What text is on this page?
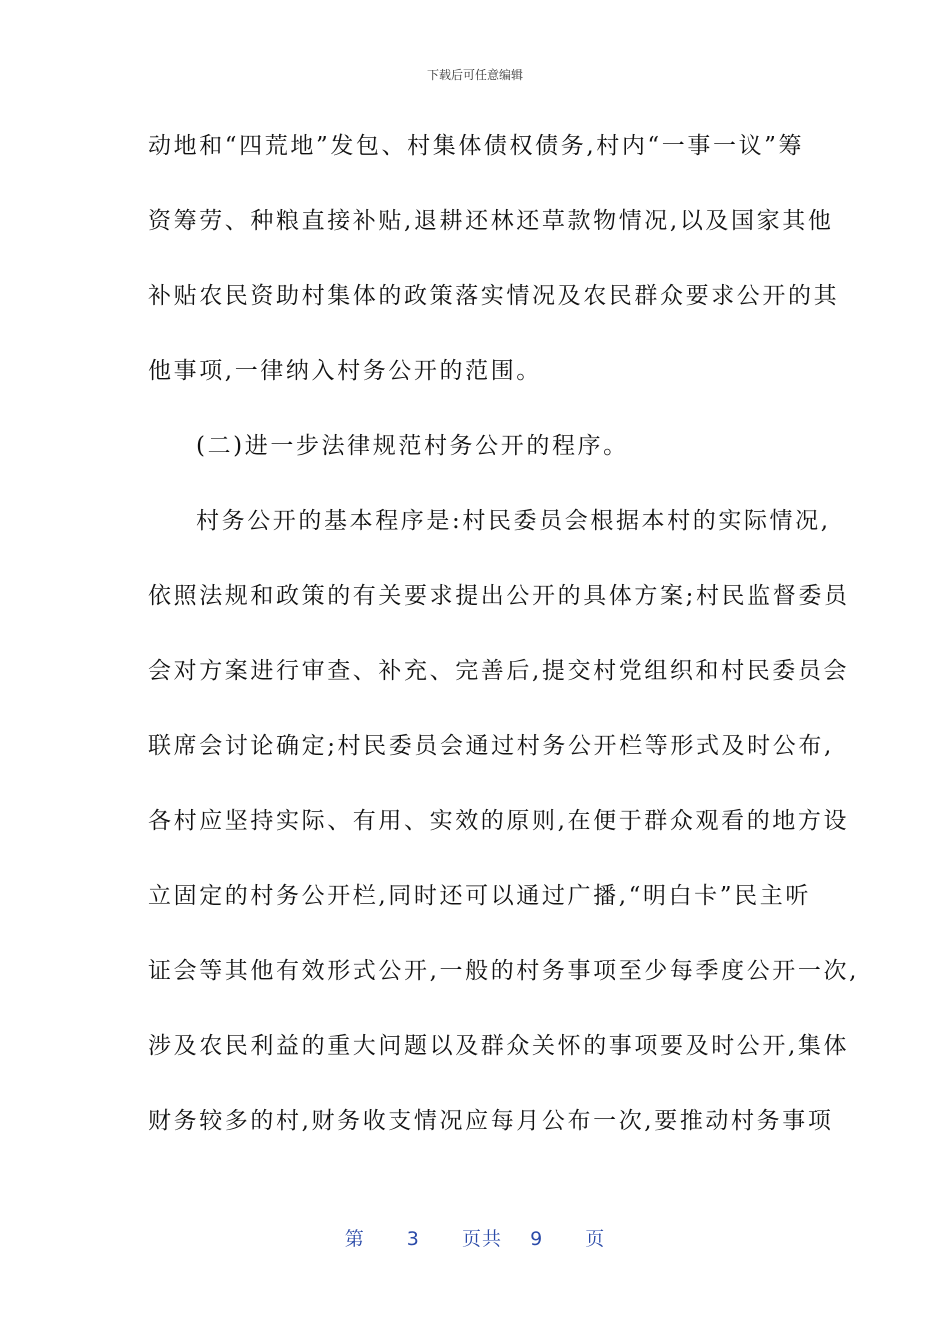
下载后可任意编辑
动地和“四荒地”发包、村集体债权债务,村内“一事一议”筹
资筹劳、种粮直接补贴,退耕还林还草款物情况,以及国家其他
补贴农民资助村集体的政策落实情况及农民群众要求公开的其
他事项,一律纳入村务公开的范围。
(二)进一步法律规范村务公开的程序。
村务公开的基本程序是:村民委员会根据本村的实际情况,
依照法规和政策的有关要求提出公开的具体方案;村民监督委员
会对方案进行审查、补充、完善后,提交村党组织和村民委员会
联席会讨论确定;村民委员会通过村务公开栏等形式及时公布,
各村应坚持实际、有用、实效的原则,在便于群众观看的地方设
立固定的村务公开栏,同时还可以通过广播,“明白卡”民主听
证会等其他有效形式公开,一般的村务事项至少每季度公开一次,
涉及农民利益的重大问题以及群众关怀的事项要及时公开,集体
财务较多的村,财务收支情况应每月公布一次,要推动村务事项
第 3 页共 9 页
